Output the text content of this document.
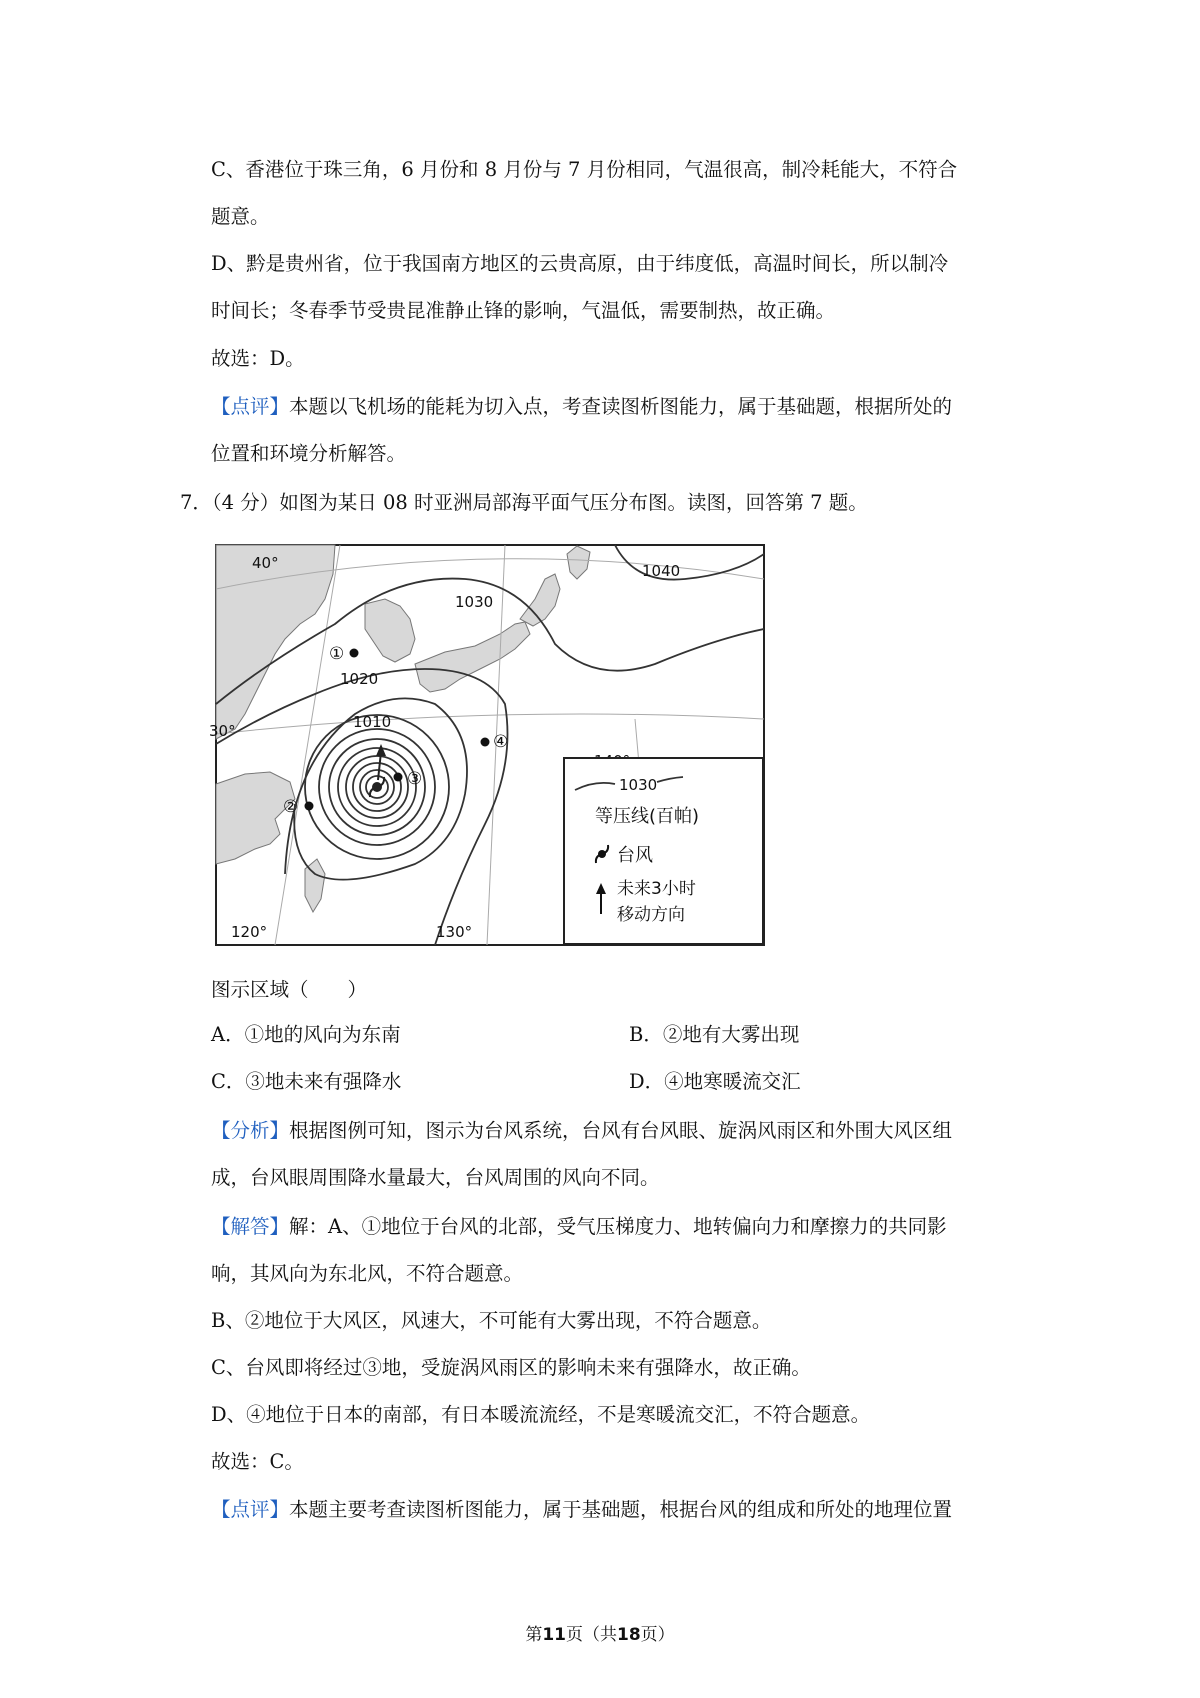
C、香港位于珠三角，6 月份和 8 月份与 7 月份相同，气温很高，制冷耗能大，不符合
题意。
D、黔是贵州省，位于我国南方地区的云贵高原，由于纬度低，高温时间长，所以制冷
时间长；冬春季节受贵昆准静止锋的影响，气温低，需要制热，故正确。
故选：D。
【点评】本题以飞机场的能耗为切入点，考查读图析图能力，属于基础题，根据所处的
位置和环境分析解答。
7．（4 分）如图为某日 08 时亚洲局部海平面气压分布图。读图，回答第 7 题。
1040
1030
1020
1010
40°
30°
120°	130°
①
②
③
④
1030
等压线(百帕)
台风
未来3小时
移动方向
图示区域（　　）
A．①地的风向为东南	B．②地有大雾出现
C．③地未来有强降水	D．④地寒暖流交汇
【分析】根据图例可知，图示为台风系统，台风有台风眼、旋涡风雨区和外围大风区组
成，台风眼周围降水量最大，台风周围的风向不同。
【解答】解：A、①地位于台风的北部，受气压梯度力、地转偏向力和摩擦力的共同影
响，其风向为东北风，不符合题意。
B、②地位于大风区，风速大，不可能有大雾出现，不符合题意。
C、台风即将经过③地，受旋涡风雨区的影响未来有强降水，故正确。
D、④地位于日本的南部，有日本暖流流经，不是寒暖流交汇，不符合题意。
故选：C。
【点评】本题主要考查读图析图能力，属于基础题，根据台风的组成和所处的地理位置
第11页（共18页）
